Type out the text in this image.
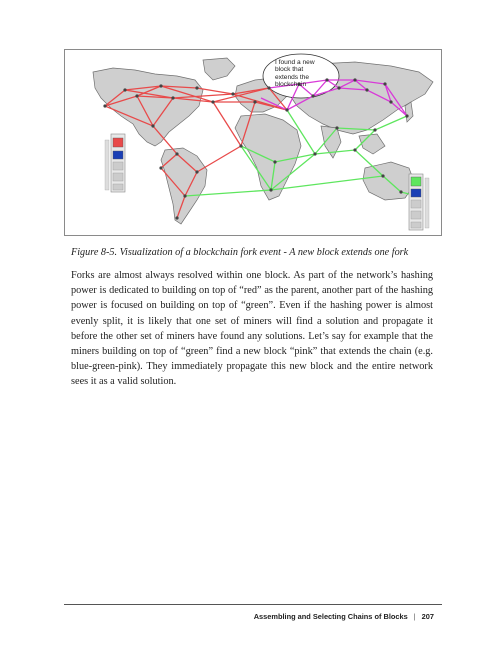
I found a new
block that
extends the
blockchain
Figure 8-5. Visualization of a blockchain fork event - A new block extends one fork

Forks are almost always resolved within one block. As part of the network’s hashing power is dedicated to building on top of “red” as the parent, another part of the hashing power is focused on building on top of “green”. Even if the hashing power is almost evenly split, it is likely that one set of miners will find a solution and propagate it before the other set of miners have found any solutions. Let’s say for example that the miners building on top of “green” find a new block “pink” that extends the chain (e.g. blue-green-pink). They immediately propagate this new block and the entire network sees it as a valid solution.

Assembling and Selecting Chains of Blocks | 207
